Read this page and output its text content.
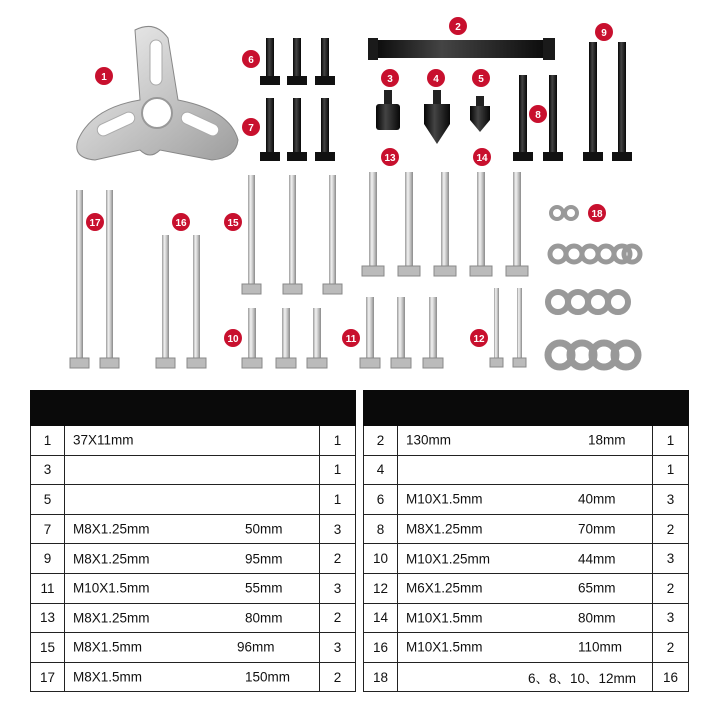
1
2
3	4	5
6
7
8
9
10	11	12
13	14
15
16
17
18

1	37X11mm	1
3		1
5		1
7	M8X1.25mm 50mm	3
9	M8X1.25mm 95mm	2
11	M10X1.5mm 55mm	3
13	M8X1.25mm 80mm	2
15	M8X1.5mm 96mm	3
17	M8X1.5mm 150mm	2

2	130mm 18mm	1
4		1
6	M10X1.5mm 40mm	3
8	M8X1.25mm 70mm	2
10	M10X1.25mm 44mm	3
12	M6X1.25mm 65mm	2
14	M10X1.5mm 80mm	3
16	M10X1.5mm 110mm	2
18	6、8、10、12mm	16
